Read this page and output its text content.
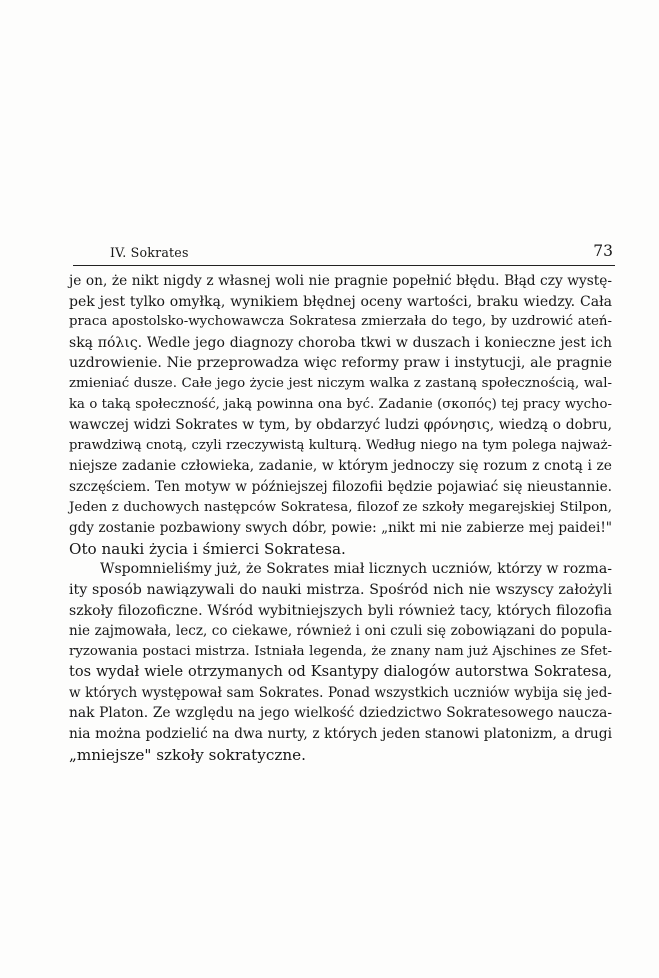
IV. Sokrates	73

je on, że nikt nigdy z własnej woli nie pragnie popełnić błędu. Błąd czy wystę-
pek jest tylko omyłką, wynikiem błędnej oceny wartości, braku wiedzy. Cała
praca apostolsko-wychowawcza Sokratesa zmierzała do tego, by uzdrowić ateń-
ską πόλις. Wedle jego diagnozy choroba tkwi w duszach i konieczne jest ich
uzdrowienie. Nie przeprowadza więc reformy praw i instytucji, ale pragnie
zmieniać dusze. Całe jego życie jest niczym walka z zastaną społecznością, wal-
ka o taką społeczność, jaką powinna ona być. Zadanie (σκοπός) tej pracy wycho-
wawczej widzi Sokrates w tym, by obdarzyć ludzi φρόνησις, wiedzą o dobru,
prawdziwą cnotą, czyli rzeczywistą kulturą. Według niego na tym polega najważ-
niejsze zadanie człowieka, zadanie, w którym jednoczy się rozum z cnotą i ze
szczęściem. Ten motyw w późniejszej filozofii będzie pojawiać się nieustannie.
Jeden z duchowych następców Sokratesa, filozof ze szkoły megarejskiej Stilpon,
gdy zostanie pozbawiony swych dóbr, powie: „nikt mi nie zabierze mej paidei!"
Oto nauki życia i śmierci Sokratesa.

Wspomnieliśmy już, że Sokrates miał licznych uczniów, którzy w rozma-
ity sposób nawiązywali do nauki mistrza. Spośród nich nie wszyscy założyli
szkoły filozoficzne. Wśród wybitniejszych byli również tacy, których filozofia
nie zajmowała, lecz, co ciekawe, również i oni czuli się zobowiązani do popula-
ryzowania postaci mistrza. Istniała legenda, że znany nam już Ajschines ze Sfet-
tos wydał wiele otrzymanych od Ksantypy dialogów autorstwa Sokratesa,
w których występował sam Sokrates. Ponad wszystkich uczniów wybija się jed-
nak Platon. Ze względu na jego wielkość dziedzictwo Sokratesowego naucza-
nia można podzielić na dwa nurty, z których jeden stanowi platonizm, a drugi
„mniejsze" szkoły sokratyczne.
